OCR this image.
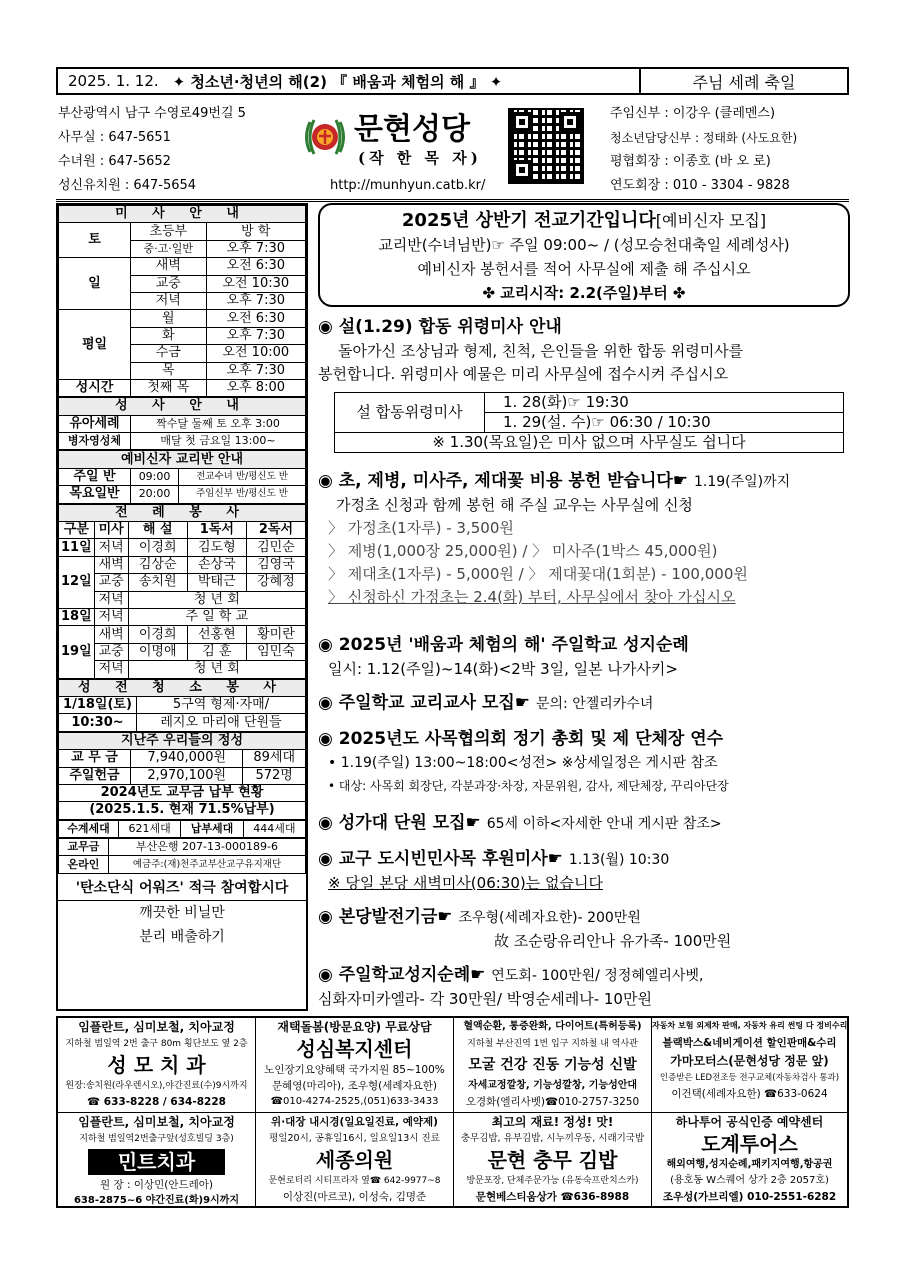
2025. 1. 12. ✦ 청소년·청년의 해(2) 『 배움과 체험의 해 』 ✦	주님 세례 축일
부산광역시 남구 수영로49번길 5
사무실 : 647-5651
수녀원 : 647-5652
성신유치원 : 647-5654
문현성당
(작 한 목 자)
http://munhyun.catb.kr/
주임신부 : 이강우 (클레멘스)
청소년담당신부 : 정태화 (사도요한)
평협회장 : 이종호 (바 오 로)
연도회장 : 010 - 3304 - 9828
미 사 안 내		
토	초등부	방 학
	중·고·일반	오후 7:30
일	새벽	오전 6:30
	교중	오전 10:30
	저녁	오후 7:30
평일	월	오전 6:30
	화	오후 7:30
	수금	오전 10:00
	목	오후 7:30
성시간	첫째 목	오후 8:00
성 사 안 내	
유아세례	짝수달 둘째 토 오후 3:00
병자영성체	매달 첫 금요일 13:00~
예비신자 교리반 안내		
주일 반	09:00	전교수녀 반/평신도 반
목요일반	20:00	주임신부 반/평신도 반
전 례 봉 사				
구분	미사	해 설	1독서	2독서
11일	저녁	이경희	김도형	김민순
12일	새벽	김상순	손상국	김영국
	교중	송치원	박태근	강혜정
	저녁	청 년 회		
18일	저녁	주 일 학 교		
19일	새벽	이경희	선홍현	황미란
	교중	이명애	김 훈	임민숙
	저녁	청 년 회		
성 전 청 소 봉 사	
1/18일(토)	5구역 형제·자매/
10:30~	레지오 마리애 단원들
지난주 우리들의 정성		
교 무 금	7,940,000원	89세대
주일헌금	2,970,100원	572명
2024년도 교무금 납부 현황		
(2025.1.5. 현재 71.5%납부)		
수계세대	621세대	납부세대	444세대
교무금	부산은행 207-13-000189-6
온라인	예금주:(재)천주교부산교구유지재단
'탄소단식 어워즈' 적극 참여합시다
깨끗한 비닐만
분리 배출하기
2025년 상반기 전교기간입니다[예비신자 모집]
교리반(수녀님반)☞ 주일 09:00~ / (성모승천대축일 세례성사)
예비신자 봉헌서를 적어 사무실에 제출 해 주십시오
✤ 교리시작: 2.2(주일)부터 ✤
◉ 설(1.29) 합동 위령미사 안내
돌아가신 조상님과 형제, 친척, 은인들을 위한 합동 위령미사를
봉헌합니다. 위령미사 예물은 미리 사무실에 접수시켜 주십시오
설 합동위령미사	1. 28(화)☞ 19:30
1. 29(설. 수)☞ 06:30 / 10:30
※ 1.30(목요일)은 미사 없으며 사무실도 쉽니다
◉ 초, 제병, 미사주, 제대꽃 비용 봉헌 받습니다☛ 1.19(주일)까지
가정초 신청과 함께 봉헌 해 주실 교우는 사무실에 신청
〉 가정초(1자루) - 3,500원
〉 제병(1,000장 25,000원) / 〉 미사주(1박스 45,000원)
〉 제대초(1자루) - 5,000원 / 〉 제대꽃대(1회분) - 100,000원
〉 신청하신 가정초는 2.4(화) 부터, 사무실에서 찾아 가십시오
◉ 2025년 '배움과 체험의 해' 주일학교 성지순례
일시: 1.12(주일)~14(화)<2박 3일, 일본 나가사키>
◉ 주일학교 교리교사 모집☛ 문의: 안젤리카수녀
◉ 2025년도 사목협의회 정기 총회 및 제 단체장 연수
• 1.19(주일) 13:00~18:00<성전> ※상세일정은 게시판 참조
• 대상: 사목회 회장단, 각분과장·차장, 자문위원, 감사, 제단체장, 꾸리아단장
◉ 성가대 단원 모집☛ 65세 이하<자세한 안내 게시판 참조>
◉ 교구 도시빈민사목 후원미사☛ 1.13(월) 10:30
※ 당일 본당 새벽미사(06:30)는 없습니다
◉ 본당발전기금☛ 조우형(세례자요한)- 200만원
故 조순랑유리안나 유가족- 100만원
◉ 주일학교성지순례☛ 연도회- 100만원/ 정정혜엘리사벳,
심화자미카엘라- 각 30만원/ 박영순세레나- 10만원
임플란트, 심미보철, 치아교정
지하철 범일역 2번 출구 80m 횡단보도 옆 2층
성 모 치 과
원장:송치원(라우렌시오),야간진료(수)9시까지
☎ 633-8228 / 634-8228
재택돌봄(방문요양) 무료상담
성심복지센터
노인장기요양혜택 국가지원 85~100%
문혜영(마리아), 조우형(세례자요한)
☎010-4274-2525,(051)633-3433
혈액순환, 통증완화, 다이어트(특허등록)
지하철 부산진역 1번 입구 지하철 내 역사관
모굴 건강 진동 기능성 신발
자세교정깔창, 기능성깔창, 기능성안대
오경화(엘리사벳)☎010-2757-3250
자동차 보험 외제차 판매, 자동차 유리 썬팅 다 정비수리
블랙박스&네비게이션 할인판매&수리
가마모터스(문현성당 정문 앞)
인증받은 LED전조등 전구교체(자동차검사 통과)
이건택(세례자요한) ☎633-0624
임플란트, 심미보철, 치아교정
지하철 범일역2번출구앞(성호빌딩 3층)
민트치과
원 장 : 이상민(안드레아)
638-2875~6 야간진료(화)9시까지
위·대장 내시경(일요일진료, 예약제)
평일20시, 공휴일16시, 일요일13시 진료
세종의원
문현로터리 시티프라자 옆☎ 642-9977~8
이상진(마르코), 이성숙, 김명준
최고의 재료! 정성! 맛!
충무김밥, 유부김밥, 시누끼우동, 시래기국밥
문현 충무 김밥
방문포장, 단체주문가능 (유동숙프란치스카)
문현베스티움상가 ☎636-8988
하나투어 공식인증 예약센터
도계투어스
해외여행,성지순례,패키지여행,항공권
(용호동 W스퀘어 상가 2층 2057호)
조우성(가브리엘) 010-2551-6282
